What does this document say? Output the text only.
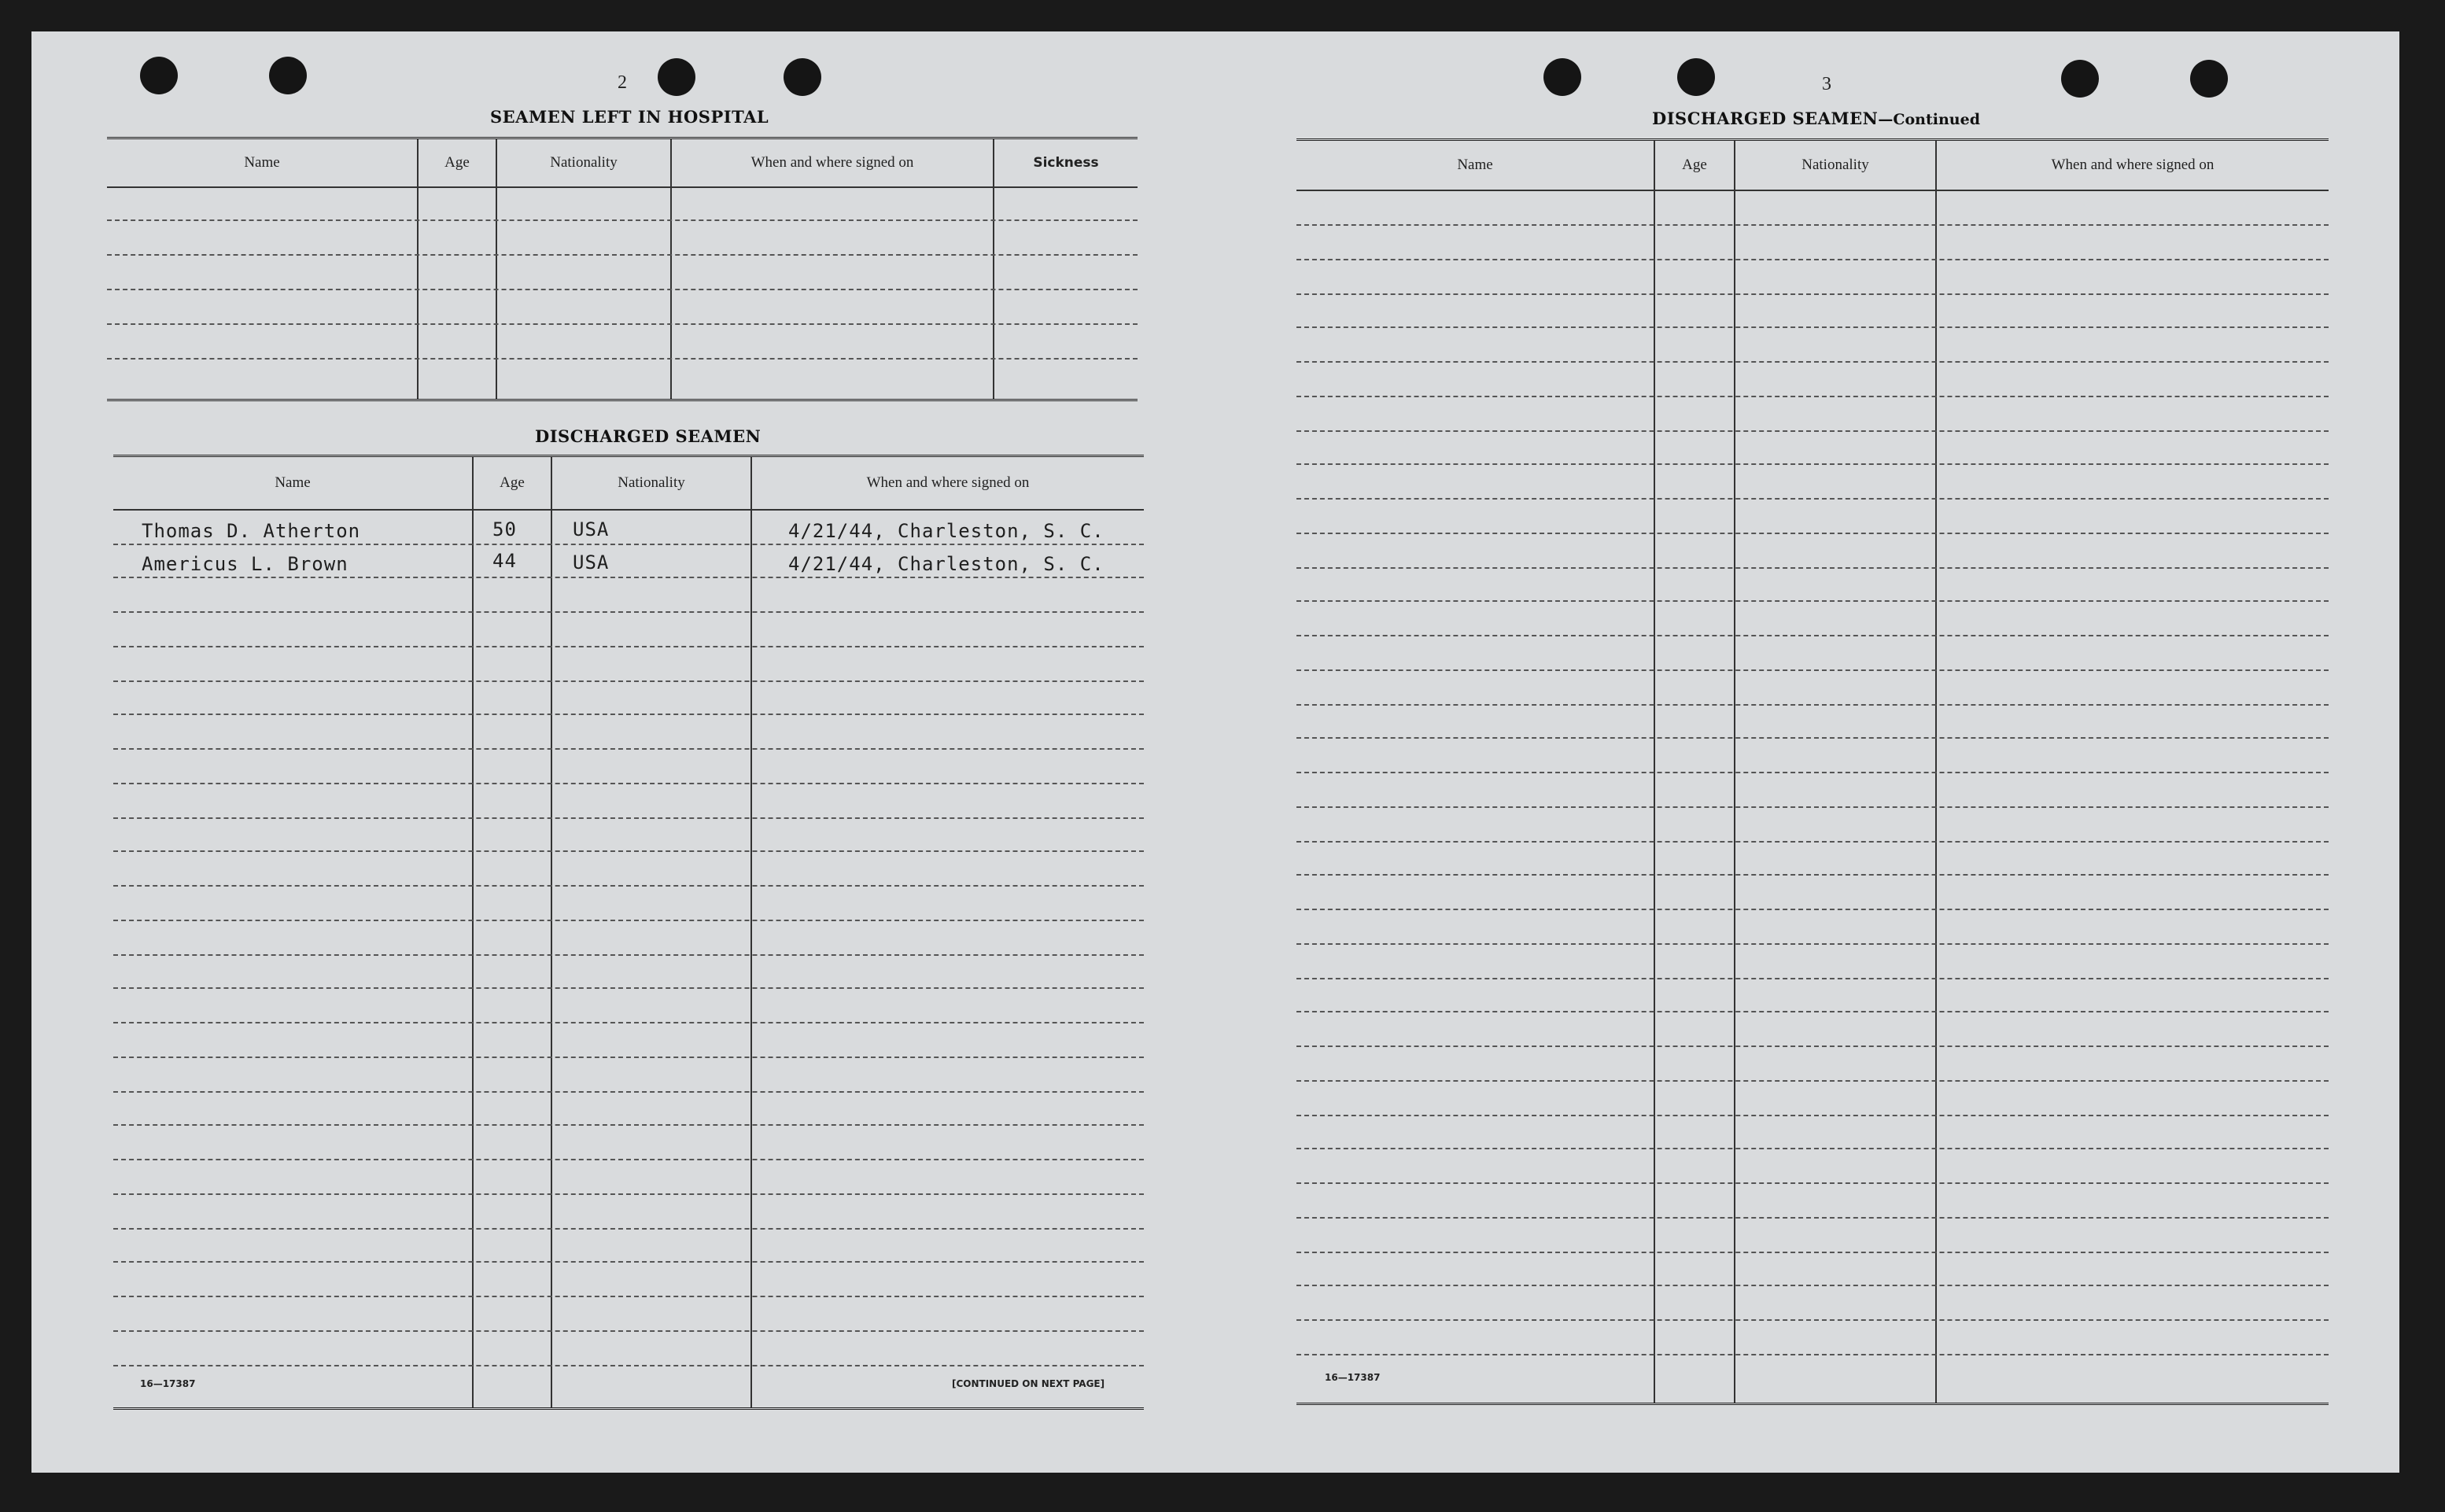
2
SEAMEN LEFT IN HOSPITAL
Name	Age	Nationality	When and where signed on	Sickness
DISCHARGED SEAMEN
Name	Age	Nationality	When and where signed on
Thomas D. Atherton	50	USA	4/21/44, Charleston, S. C.
Americus L. Brown	44	USA	4/21/44, Charleston, S. C.
16—17387	[CONTINUED ON NEXT PAGE]
3
DISCHARGED SEAMEN—Continued
Name	Age	Nationality	When and where signed on
16—17387
